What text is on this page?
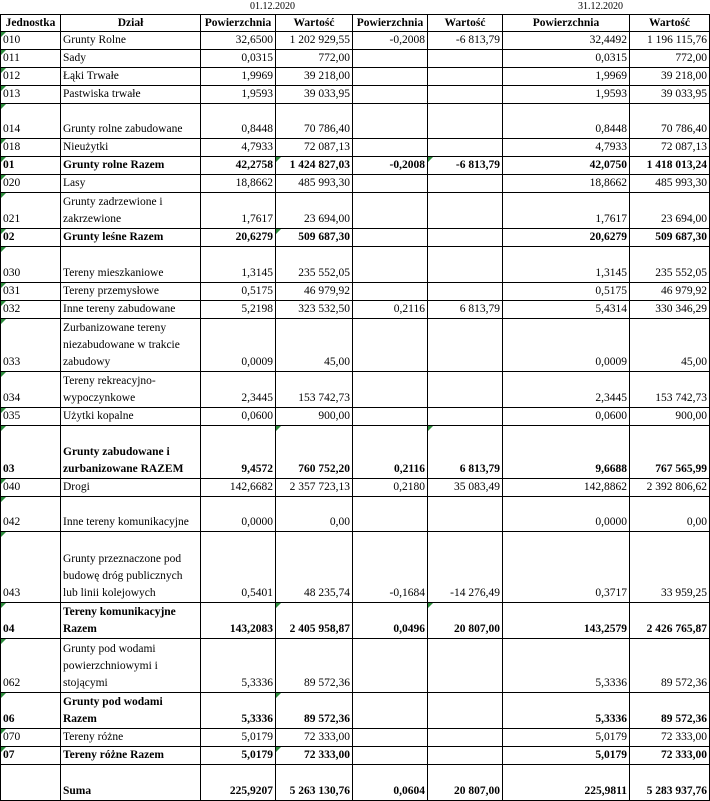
01.12.2020	31.12.2020
Jednostka	Dział	Powierzchnia	Wartość	Powierzchnia	Wartość	Powierzchnia	Wartość
010	Grunty Rolne	32,6500	1 202 929,55	-0,2008	-6 813,79	32,4492	1 196 115,76
011	Sady	0,0315	772,00			0,0315	772,00
012	Łąki Trwałe	1,9969	39 218,00			1,9969	39 218,00
013	Pastwiska trwałe	1,9593	39 033,95			1,9593	39 033,95
014	Grunty rolne zabudowane	0,8448	70 786,40			0,8448	70 786,40
018	Nieużytki	4,7933	72 087,13			4,7933	72 087,13
01	Grunty rolne Razem	42,2758	1 424 827,03	-0,2008	-6 813,79	42,0750	1 418 013,24
020	Lasy	18,8662	485 993,30			18,8662	485 993,30
021	Grunty zadrzewione i zakrzewione	1,7617	23 694,00			1,7617	23 694,00
02	Grunty leśne Razem	20,6279	509 687,30			20,6279	509 687,30
030	Tereny mieszkaniowe	1,3145	235 552,05			1,3145	235 552,05
031	Tereny przemysłowe	0,5175	46 979,92			0,5175	46 979,92
032	Inne tereny zabudowane	5,2198	323 532,50	0,2116	6 813,79	5,4314	330 346,29
033	Zurbanizowane tereny niezabudowane w trakcie zabudowy	0,0009	45,00			0,0009	45,00
034	Tereny rekreacyjno-wypoczynkowe	2,3445	153 742,73			2,3445	153 742,73
035	Użytki kopalne	0,0600	900,00			0,0600	900,00
03	Grunty zabudowane i zurbanizowane RAZEM	9,4572	760 752,20	0,2116	6 813,79	9,6688	767 565,99
040	Drogi	142,6682	2 357 723,13	0,2180	35 083,49	142,8862	2 392 806,62
042	Inne tereny komunikacyjne	0,0000	0,00			0,0000	0,00
043	Grunty przeznaczone pod budowę dróg publicznych lub linii kolejowych	0,5401	48 235,74	-0,1684	-14 276,49	0,3717	33 959,25
04	Tereny komunikacyjne Razem	143,2083	2 405 958,87	0,0496	20 807,00	143,2579	2 426 765,87
062	Grunty pod wodami powierzchniowymi i stojącymi	5,3336	89 572,36			5,3336	89 572,36
06	Grunty pod wodami Razem	5,3336	89 572,36			5,3336	89 572,36
070	Tereny różne	5,0179	72 333,00			5,0179	72 333,00
07	Tereny różne Razem	5,0179	72 333,00			5,0179	72 333,00
	Suma	225,9207	5 263 130,76	0,0604	20 807,00	225,9811	5 283 937,76
